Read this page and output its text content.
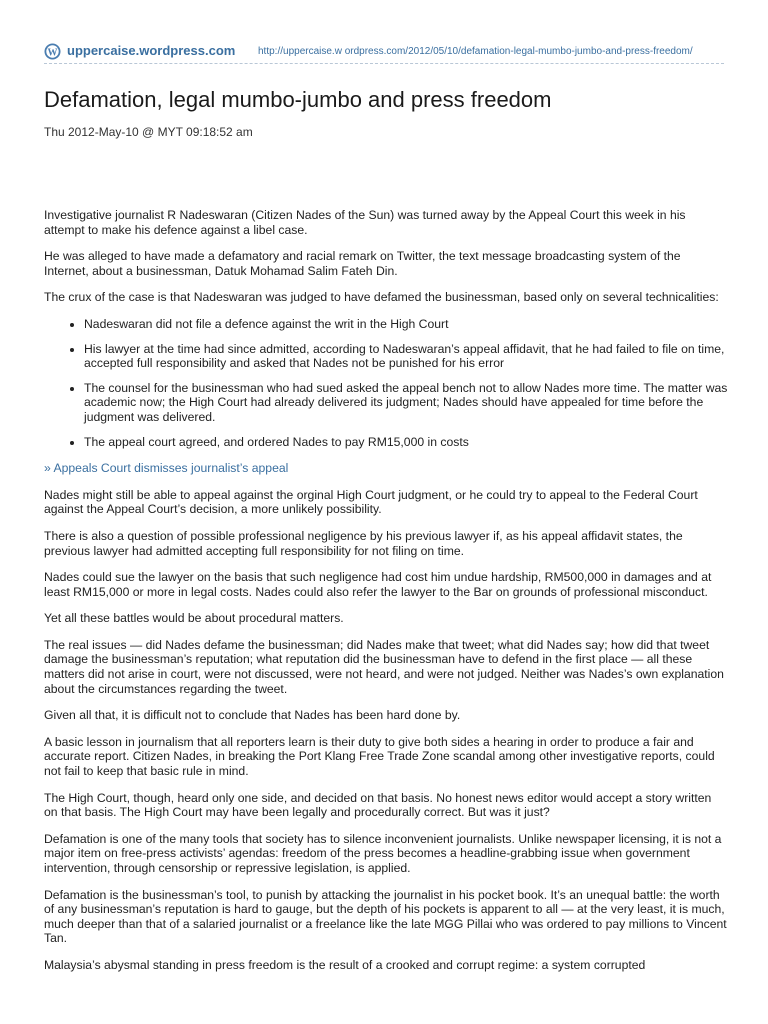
W uppercaise.wordpress.com http://uppercaise.w ordpress.com/2012/05/10/defamation-legal-mumbo-jumbo-and-press-freedom/
Defamation, legal mumbo-jumbo and press freedom
Thu 2012-May-10 @ MYT 09:18:52 am

Investigative journalist R Nadeswaran (Citizen Nades of the Sun) was turned away by the Appeal Court this week in his attempt to make his defence against a libel case.

He was alleged to have made a defamatory and racial remark on Twitter, the text message broadcasting system of the Internet, about a businessman, Datuk Mohamad Salim Fateh Din.

The crux of the case is that Nadeswaran was judged to have defamed the businessman, based only on several technicalities:

• Nadeswaran did not file a defence against the writ in the High Court
• His lawyer at the time had since admitted, according to Nadeswaran’s appeal affidavit, that he had failed to file on time, accepted full responsibility and asked that Nades not be punished for his error
• The counsel for the businessman who had sued asked the appeal bench not to allow Nades more time. The matter was academic now; the High Court had already delivered its judgment; Nades should have appealed for time before the judgment was delivered.
• The appeal court agreed, and ordered Nades to pay RM15,000 in costs

» Appeals Court dismisses journalist’s appeal

Nades might still be able to appeal against the orginal High Court judgment, or he could try to appeal to the Federal Court against the Appeal Court’s decision, a more unlikely possibility.

There is also a question of possible professional negligence by his previous lawyer if, as his appeal affidavit states, the previous lawyer had admitted accepting full responsibility for not filing on time.

Nades could sue the lawyer on the basis that such negligence had cost him undue hardship, RM500,000 in damages and at least RM15,000 or more in legal costs. Nades could also refer the lawyer to the Bar on grounds of professional misconduct.

Yet all these battles would be about procedural matters.

The real issues — did Nades defame the businessman; did Nades make that tweet; what did Nades say; how did that tweet damage the businessman’s reputation; what reputation did the businessman have to defend in the first place — all these matters did not arise in court, were not discussed, were not heard, and were not judged. Neither was Nades’s own explanation about the circumstances regarding the tweet.

Given all that, it is difficult not to conclude that Nades has been hard done by.

A basic lesson in journalism that all reporters learn is their duty to give both sides a hearing in order to produce a fair and accurate report. Citizen Nades, in breaking the Port Klang Free Trade Zone scandal among other investigative reports, could not fail to keep that basic rule in mind.

The High Court, though, heard only one side, and decided on that basis. No honest news editor would accept a story written on that basis. The High Court may have been legally and procedurally correct. But was it just?

Defamation is one of the many tools that society has to silence inconvenient journalists. Unlike newspaper licensing, it is not a major item on free-press activists’ agendas: freedom of the press becomes a headline-grabbing issue when government intervention, through censorship or repressive legislation, is applied.

Defamation is the businessman’s tool, to punish by attacking the journalist in his pocket book. It’s an unequal battle: the worth of any businessman’s reputation is hard to gauge, but the depth of his pockets is apparent to all — at the very least, it is much, much deeper than that of a salaried journalist or a freelance like the late MGG Pillai who was ordered to pay millions to Vincent Tan.

Malaysia’s abysmal standing in press freedom is the result of a crooked and corrupt regime: a system corrupted
